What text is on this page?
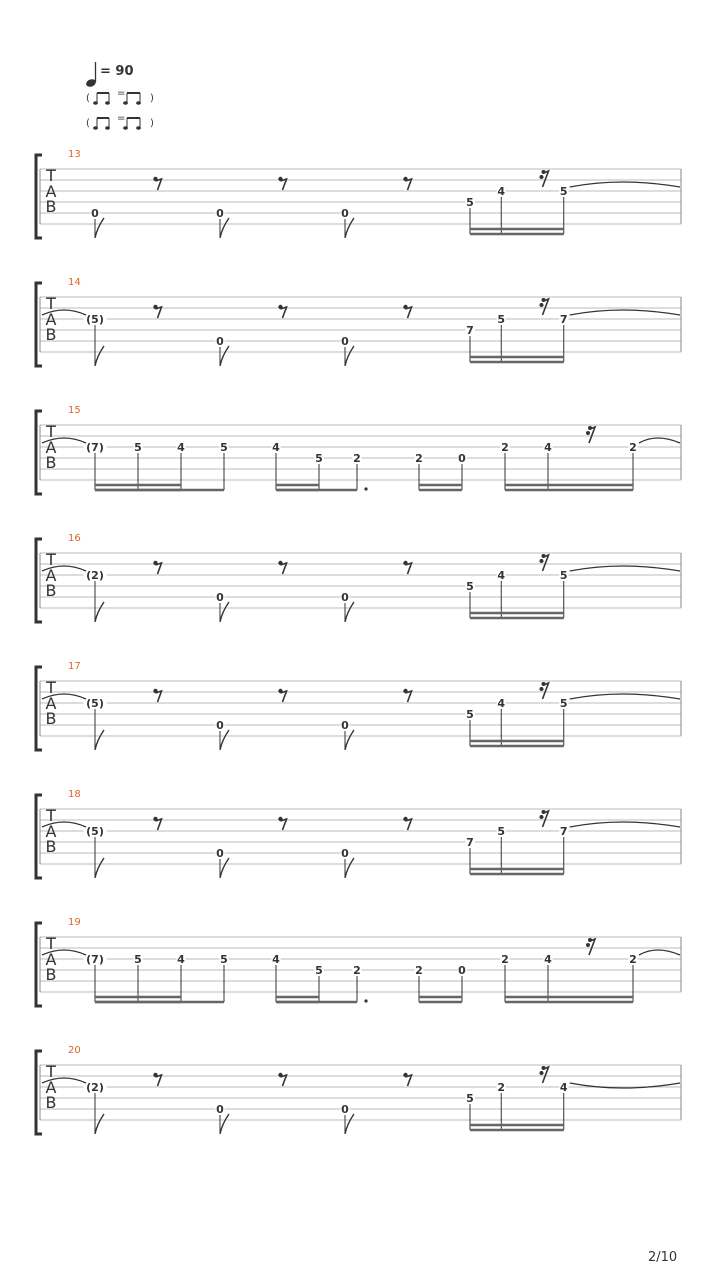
= 90
(	)
=
(	)
=
T
A
B
13
0	0	0
5
4	5
T
A
B
14
(5)
0	0
7
5	7
T
A
B
15
(7)	5	4	5	4
5	2	2	0
2	4	2
T
A
B
16
(2)
0	0
5
4	5
T
A
B
17
(5)
0	0
5
4	5
T
A
B
18
(5)
0	0
7
5	7
T
A
B
19
(7)	5	4	5	4
5	2	2	0
2	4	2
T
A
B
20
(2)
0	0
5
2	4
2/10
